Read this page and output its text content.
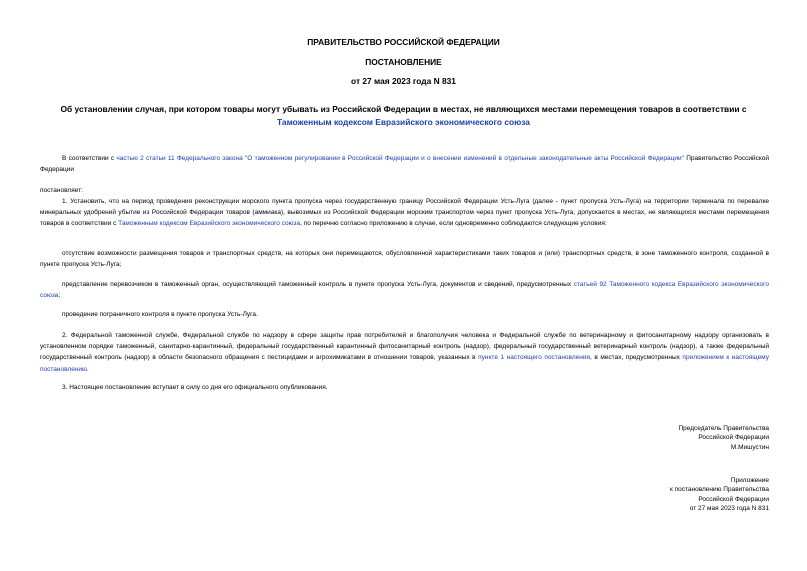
ПРАВИТЕЛЬСТВО РОССИЙСКОЙ ФЕДЕРАЦИИ
ПОСТАНОВЛЕНИЕ
от 27 мая 2023 года N 831
Об установлении случая, при котором товары могут убывать из Российской Федерации в местах, не являющихся местами перемещения товаров в соответствии с
Таможенным кодексом Евразийского экономического союза
В соответствии с частью 2 статьи 11 Федерального закона "О таможенном регулировании в Российской Федерации и о внесении изменений в отдельные законодательные акты Российской Федерации" Правительство Российской Федерации
постановляет:
1. Установить, что на период проведения реконструкции морского пункта пропуска через государственную границу Российской Федерации Усть-Луга (далее - пункт пропуска Усть-Луга) на территории терминала по перевалке минеральных удобрений убытие из Российской Федерации товаров (аммиака), вывозимых из Российской Федерации морским транспортом через пункт пропуска Усть-Луга, допускается в местах, не являющихся местами перемещения товаров в соответствии с Таможенным кодексом Евразийского экономического союза, по перечню согласно приложению в случае, если одновременно соблюдаются следующие условия:
отсутствие возможности размещения товаров и транспортных средств, на которых они перемещаются, обусловленной характеристиками таких товаров и (или) транспортных средств, в зоне таможенного контроля, созданной в пункте пропуска Усть-Луга;
представление перевозчиком в таможенный орган, осуществляющий таможенный контроль в пункте пропуска Усть-Луга, документов и сведений, предусмотренных статьей 92 Таможенного кодекса Евразийского экономического союза;
проведение пограничного контроля в пункте пропуска Усть-Луга.
2. Федеральной таможенной службе, Федеральной службе по надзору в сфере защиты прав потребителей и благополучия человека и Федеральной службе по ветеринарному и фитосанитарному надзору организовать в установленном порядке таможенный, санитарно-карантинный, федеральный государственный карантинный фитосанитарный контроль (надзор), федеральный государственный ветеринарный контроль (надзор), а также федеральный государственный контроль (надзор) в области безопасного обращения с пестицидами и агрохимикатами в отношении товаров, указанных в пункте 1 настоящего постановления, в местах, предусмотренных приложением к настоящему постановлению.
3. Настоящее постановление вступает в силу со дня его официального опубликования.
Председатель Правительства
Российской Федерации
М.Мишустин
Приложение
к постановлению Правительства
Российской Федерации
от 27 мая 2023 года N 831
